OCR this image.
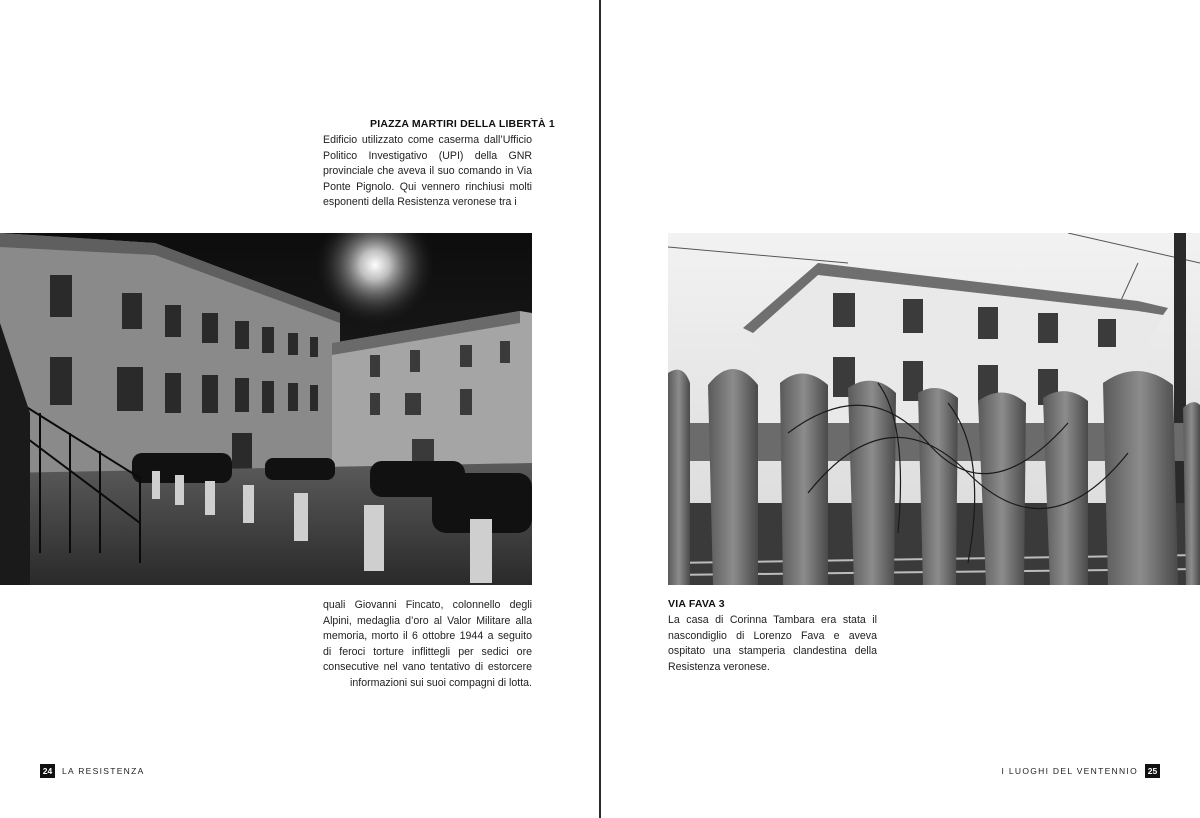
PIAZZA MARTIRI DELLA LIBERTÀ 1

Edificio utilizzato come caserma dall’Ufficio Politico Investigativo (UPI) della GNR provinciale che aveva il suo comando in Via Ponte Pignolo. Qui vennero rinchiusi molti esponenti della Resistenza veronese tra i

quali Giovanni Fincato, colonnello degli Alpini, medaglia d’oro al Valor Militare alla memoria, morto il 6 ottobre 1944 a seguito di feroci torture inflittegli per sedici ore consecutive nel vano tentativo di estorcere informazioni sui suoi compagni di lotta.

24	LA RESISTENZA
VIA FAVA 3

La casa di Corinna Tambara era stata il nascondiglio di Lorenzo Fava e aveva ospitato una stamperia clandestina della Resistenza veronese.

I LUOGHI DEL VENTENNIO	25
